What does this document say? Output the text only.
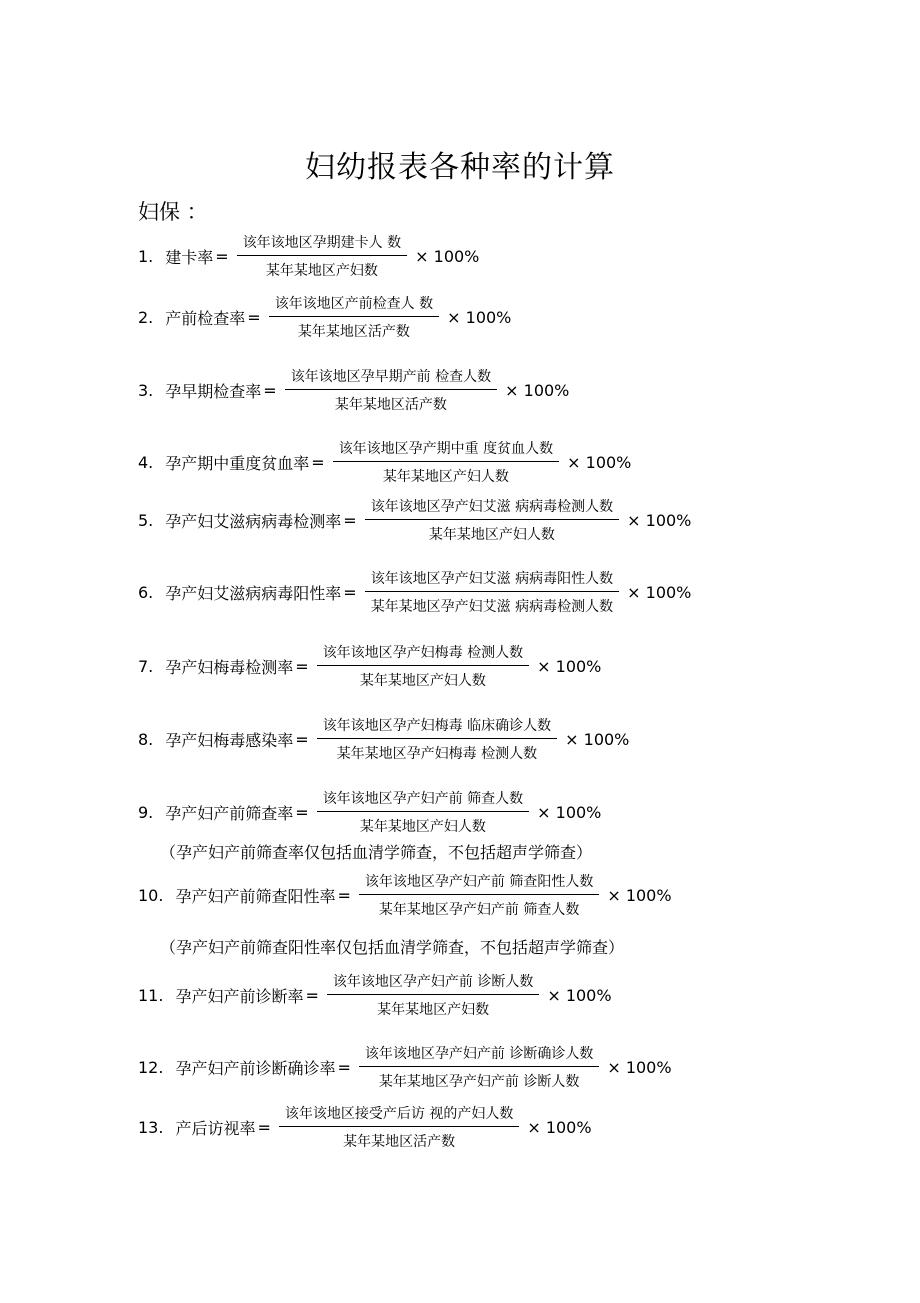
妇幼报表各种率的计算
妇保 ：
1. 建卡率 = $\frac{\text{该年该地区孕期建卡人 数}}{\text{某年某地区产妇数}} \times 100\%$
2. 产前检查率 = $\frac{\text{该年该地区产前检查人 数}}{\text{某年某地区活产数}} \times 100\%$
3. 孕早期检查率 = $\frac{\text{该年该地区孕早期产前 检查人数}}{\text{某年某地区活产数}} \times 100\%$
4. 孕产期中重度贫血率 = $\frac{\text{该年该地区孕产期中重 度贫血人数}}{\text{某年某地区产妇人数}} \times 100\%$
5. 孕产妇艾滋病病毒检测率 = $\frac{\text{该年该地区孕产妇艾滋 病病毒检测人数}}{\text{某年某地区产妇人数}} \times 100\%$
6. 孕产妇艾滋病病毒阳性率 = $\frac{\text{该年该地区孕产妇艾滋 病病毒阳性人数}}{\text{某年某地区孕产妇艾滋 病病毒检测人数}} \times 100\%$
7. 孕产妇梅毒检测率 = $\frac{\text{该年该地区孕产妇梅毒 检测人数}}{\text{某年某地区产妇人数}} \times 100\%$
8. 孕产妇梅毒感染率 = $\frac{\text{该年该地区孕产妇梅毒 临床确诊人数}}{\text{某年某地区孕产妇梅毒 检测人数}} \times 100\%$
9. 孕产妇产前筛查率 = $\frac{\text{该年该地区孕产妇产前 筛查人数}}{\text{某年某地区产妇人数}} \times 100\%$
10. 孕产妇产前筛查阳性率 = $\frac{\text{该年该地区孕产妇产前 筛查阳性人数}}{\text{某年某地区孕产妇产前 筛查人数}} \times 100\%$
11. 孕产妇产前诊断率 = $\frac{\text{该年该地区孕产妇产前 诊断人数}}{\text{某年某地区产妇数}} \times 100\%$
12. 孕产妇产前诊断确诊率 = $\frac{\text{该年该地区孕产妇产前 诊断确诊人数}}{\text{某年某地区孕产妇产前 诊断人数}} \times 100\%$
13. 产后访视率 = $\frac{\text{该年该地区接受产后访 视的产妇人数}}{\text{某年某地区活产数}} \times 100\%$
（孕产妇产前筛查率仅包括血清学筛查，不包括超声学筛查）
（孕产妇产前筛查阳性率仅包括血清学筛查，不包括超声学筛查）
